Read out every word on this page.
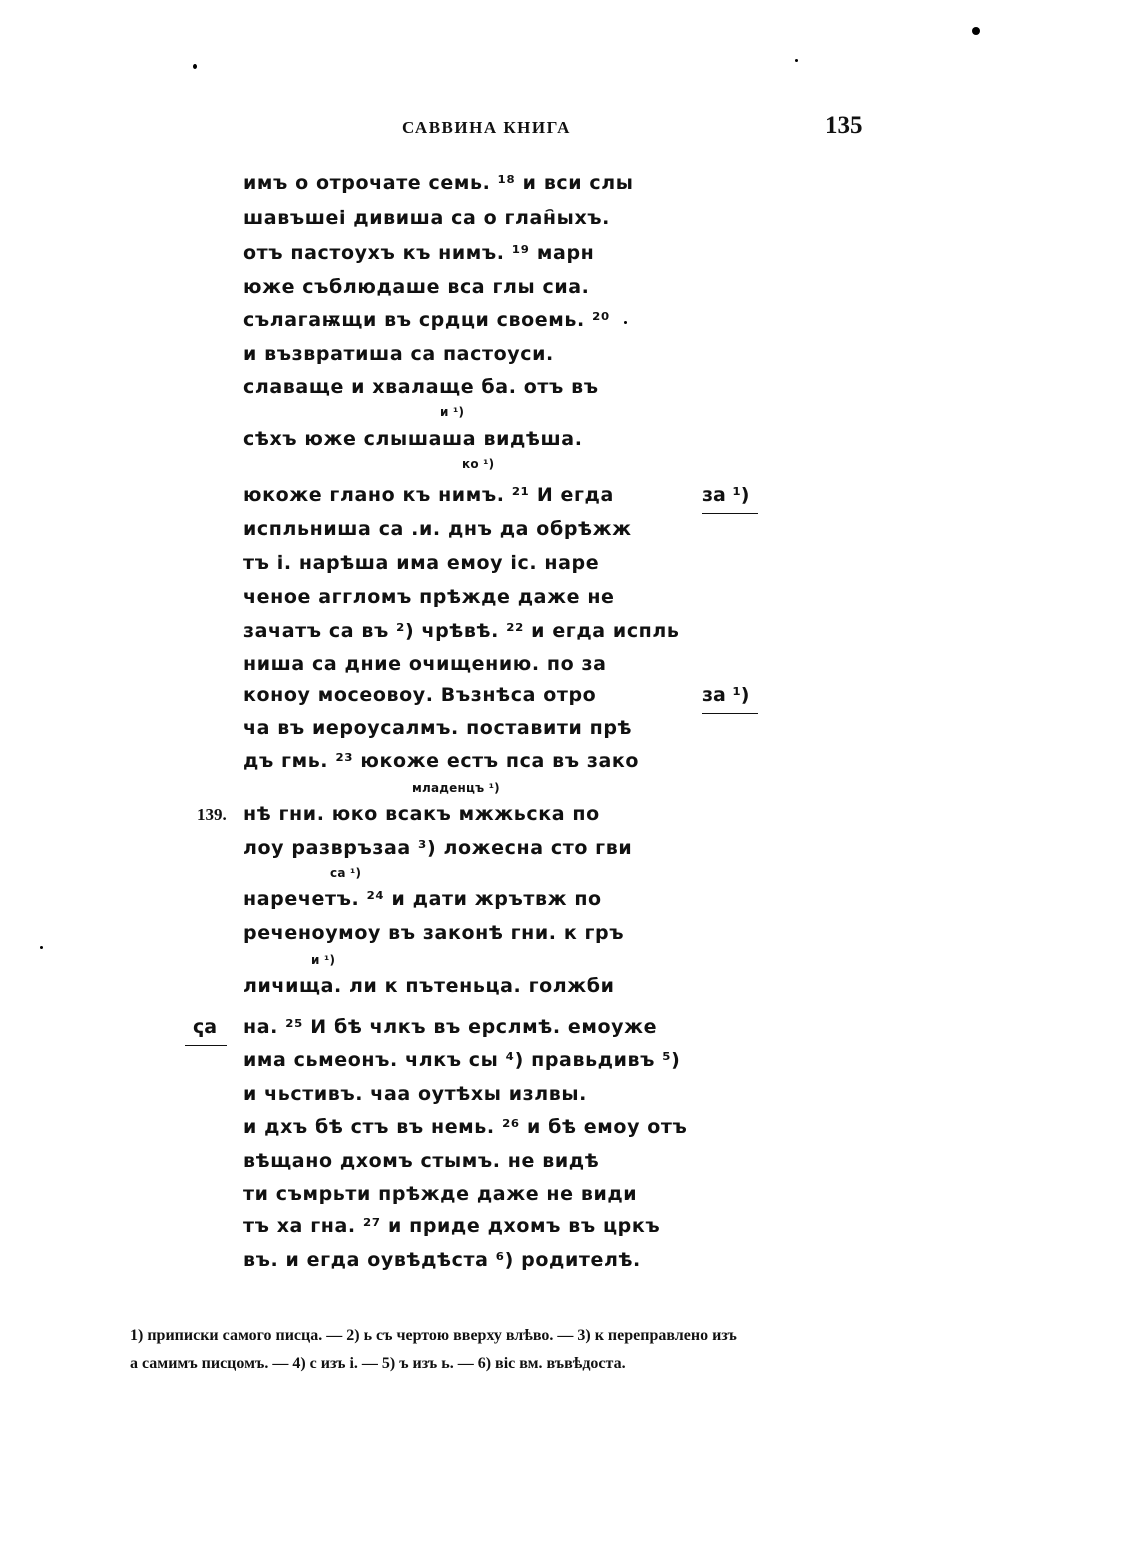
САВВИНА КНИГА	135
имъ о отрочате семь. ¹⁸ и вси слы
шавъшеі дивиша са о глан҄ыхъ.
отъ пастоухъ къ нимъ. ¹⁹ марн
юже съблюдаше вса глы сиа.
сълагаѭщи въ срдци своемь. ²⁰
и възвратиша са пастоуси.
славаще и хвалаще ба. отъ въ
и ¹)
сѣхъ юже слышаша видѣша.
ко ¹)
юкоже глано къ нимъ. ²¹ И егда
испльниша са .и. днъ да обрѣжж
тъ і. нарѣша има емоу іс. наре
ченое аггломъ прѣжде даже не
зачатъ са въ ²) чрѣвѣ. ²² и егда испль
ниша са дние очищению. по за
коноу мосеовоу. Възнѣса отро
ча въ иероусалмъ. поставити прѣ
дъ гмь. ²³ юкоже естъ пса въ зако
младенцъ ¹)
139. нѣ гни. юко всакъ мжжьска по
лоу развръзаа ³) ложесна сто гви
са ¹)
наречетъ. ²⁴ и дати жрътвж по
реченоумоу въ законѣ гни. к гръ
и ¹)
личища. ли к пътеньца. голжби
на. ²⁵ И бѣ члкъ въ ерслмѣ. емоуже
има сьмеонъ. члкъ сы ⁴) правьдивъ ⁵)
и чьстивъ. чаа оутѣхы излвы.
и дхъ бѣ стъ въ немь. ²⁶ и бѣ емоу отъ
вѣщано дхомъ стымъ. не видѣ
ти съмрьти прѣжде даже не види
тъ ха гна. ²⁷ и приде дхомъ въ цркъ
въ. и егда оувѣдѣста ⁶) родителѣ.
за ¹)
за ¹)
ҁа
1) приписки самого писца. — 2) ь съ чертою вверху влѣво. — 3) к переправлено изъ
а самимъ писцомъ. — 4) с изъ і. — 5) ъ изъ ь. — 6) віс вм. въвѣдоста.
